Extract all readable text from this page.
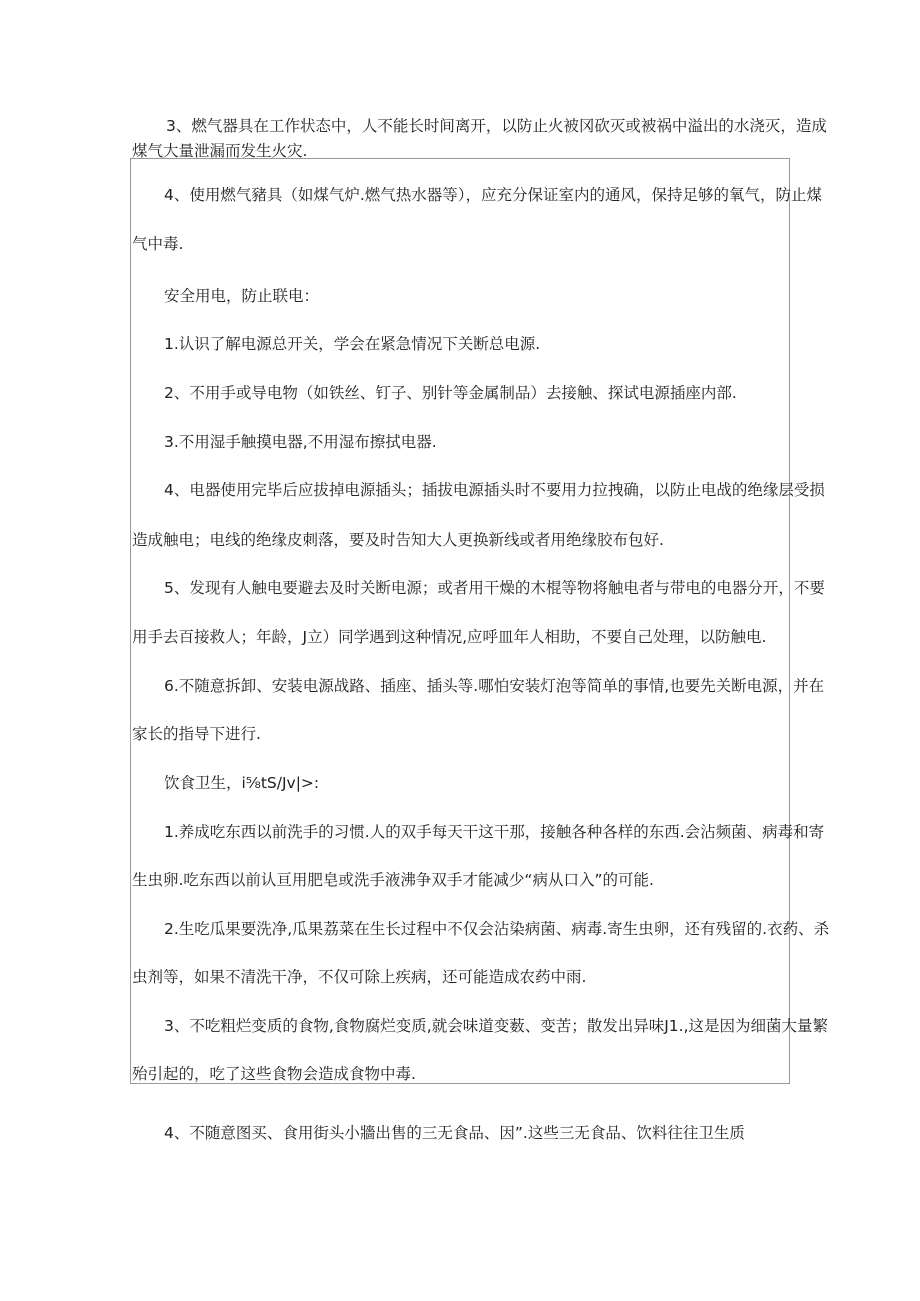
3、燃气器具在工作状态中，人不能长时间离开，以防止火被冈砍灭或被祸中溢出的水浇灭，造成
煤气大量泄漏而发生火灾.
4、使用燃气豬具（如煤气炉.燃气热水器等），应充分保证室内的通风，保持足够的氧气，防止煤
气中毒.
安全用电，防止联电：
1.认识了解电源总开关，学会在紧急情况下关断总电源.
2、不用手或导电物（如铁丝、钉子、别针等金属制品）去接触、探试电源插座内部.
3.不用湿手触摸电器,不用湿布擦拭电器.
4、电器使用完毕后应拔掉电源插头；插拔电源插头时不要用力拉拽确，以防止电战的绝缘层受损
造成触电；电线的绝缘皮刺落，要及时告知大人更换新线或者用绝缘胶布包好.
5、发现有人触电要避去及时关断电源；或者用干燥的木棍等物将触电者与带电的电器分开，不要
用手去百接救人；年龄，J立）同学遇到这种情况,应呼皿年人相助，不要自己处理，以防触电.
6.不随意拆卸、安装电源战路、插座、插头等.哪怕安装灯泡等简单的事情,也要先关断电源，并在
家长的指导下进行.
饮食卫生，i⅝tS∕Jv|>:
1.养成吃东西以前洗手的习惯.人的双手每天干这干那，接触各种各样的东西.会沾频菌、病毒和寄
生虫卵.吃东西以前认亘用肥皂或洗手液沸争双手才能减少“病从口入”的可能.
2.生吃瓜果要洗净,瓜果荔菜在生长过程中不仅会沾染病菌、病毒.寄生虫卵，还有残留的.衣药、杀
虫剂等，如果不清洗干净，不仅可除上疾病，还可能造成农药中雨.
3、不吃粗烂变质的食物,食物腐烂变质,就会味道变薮、变苦；散发出异味J1.,这是因为细菌大量繁
殆引起的，吃了这些食物会造成食物中毒.
4、不随意图买、食用街头小牆出售的三无食品、因”.这些三无食品、饮料往往卫生质
